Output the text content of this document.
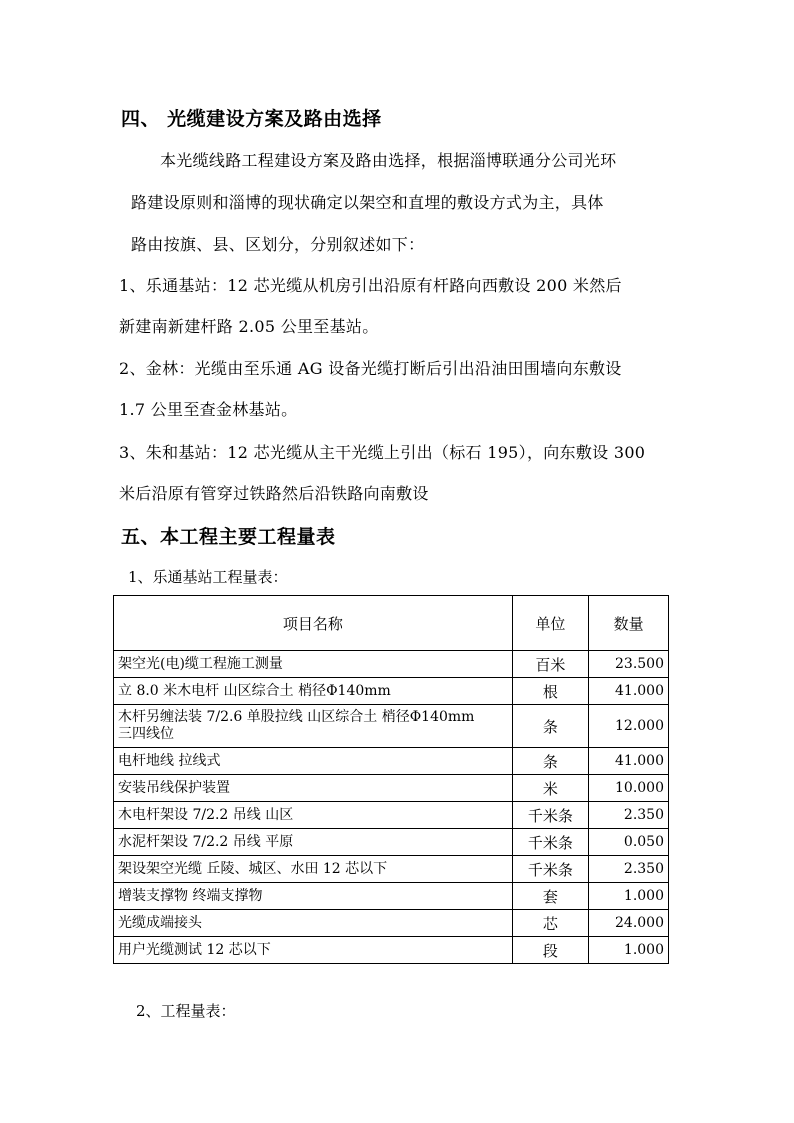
四、 光缆建设方案及路由选择

本光缆线路工程建设方案及路由选择，根据淄博联通分公司光环

路建设原则和淄博的现状确定以架空和直埋的敷设方式为主，具体

路由按旗、县、区划分，分别叙述如下：

1、乐通基站：12 芯光缆从机房引出沿原有杆路向西敷设 200 米然后

新建南新建杆路 2.05 公里至基站。

2、金林：光缆由至乐通 AG 设备光缆打断后引出沿油田围墙向东敷设

1.7 公里至查金林基站。

3、朱和基站：12 芯光缆从主干光缆上引出（标石 195），向东敷设 300

米后沿原有管穿过铁路然后沿铁路向南敷设

五、本工程主要工程量表

1、乐通基站工程量表：

项目名称	单位	数量
架空光(电)缆工程施工测量	百米	23.500
立 8.0 米木电杆 山区综合土 梢径Φ140mm	根	41.000

木杆另缠法装 7/2.6 单股拉线 山区综合土 梢径Φ140mm
三四线位	条	12.000
电杆地线 拉线式	条	41.000
安装吊线保护装置	米	10.000
木电杆架设 7/2.2 吊线 山区	千米条	2.350
水泥杆架设 7/2.2 吊线 平原	千米条	0.050
架设架空光缆 丘陵、城区、水田 12 芯以下	千米条	2.350
增装支撑物 终端支撑物	套	1.000
光缆成端接头	芯	24.000
用户光缆测试 12 芯以下	段	1.000

2、工程量表：
